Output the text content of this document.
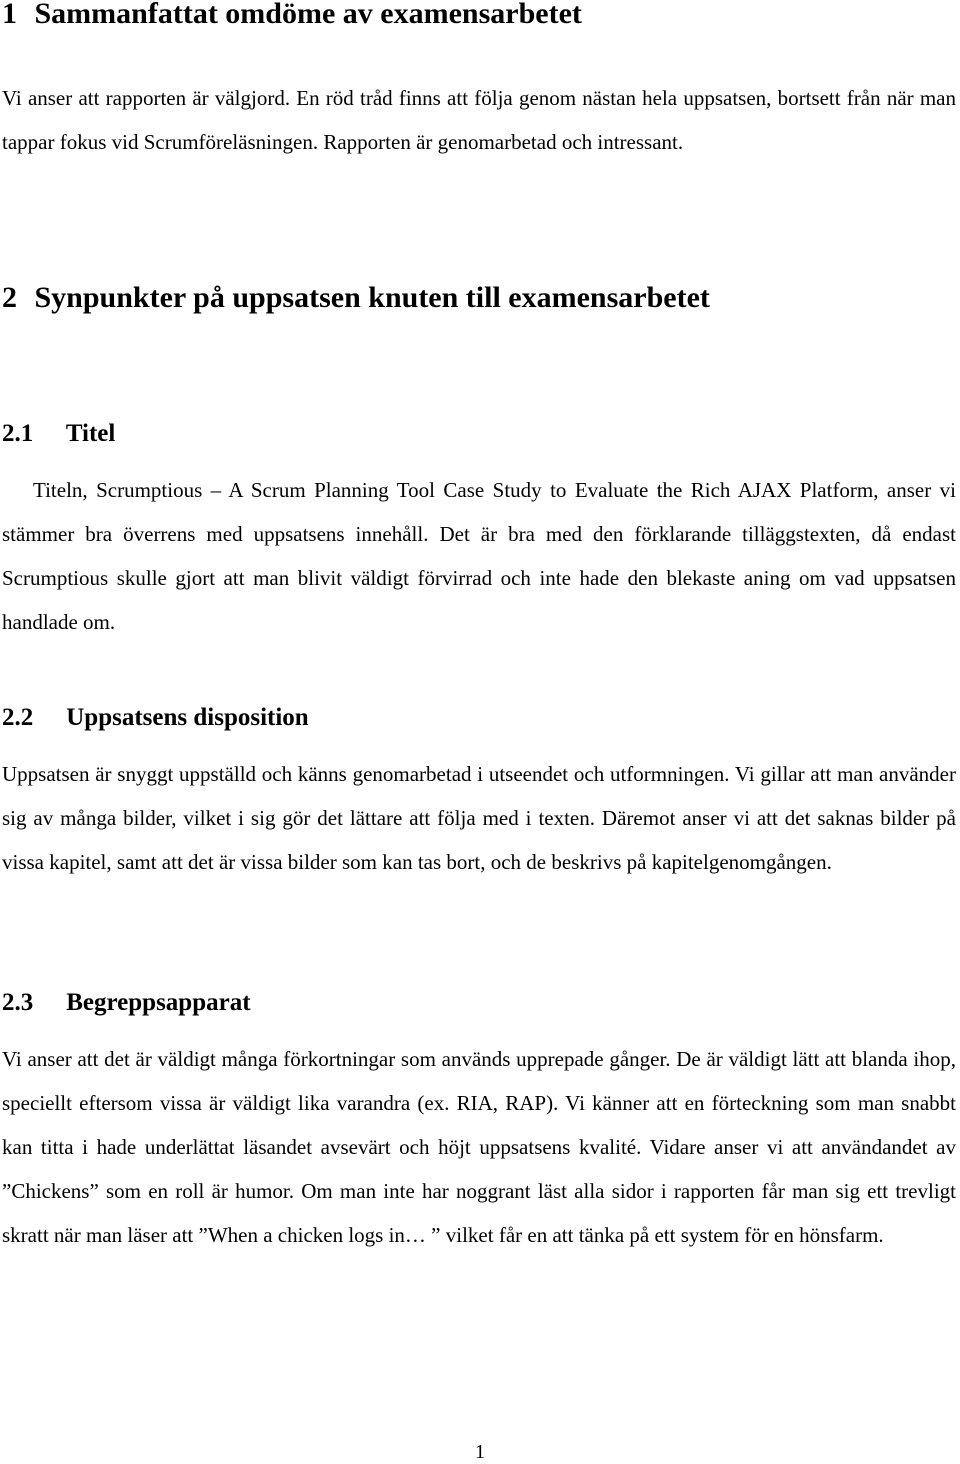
1 Sammanfattat omdöme av examensarbetet

Vi anser att rapporten är välgjord. En röd tråd finns att följa genom nästan hela uppsatsen, bortsett från när man tappar fokus vid Scrumföreläsningen. Rapporten är genomarbetad och intressant.

2 Synpunkter på uppsatsen knuten till examensarbetet
2.1 Titel

Titeln, Scrumptious – A Scrum Planning Tool Case Study to Evaluate the Rich AJAX Platform, anser vi stämmer bra överrens med uppsatsens innehåll. Det är bra med den förklarande tilläggstexten, då endast Scrumptious skulle gjort att man blivit väldigt förvirrad och inte hade den blekaste aning om vad uppsatsen handlade om.

2.2 Uppsatsens disposition

Uppsatsen är snyggt uppställd och känns genomarbetad i utseendet och utformningen. Vi gillar att man använder sig av många bilder, vilket i sig gör det lättare att följa med i texten. Däremot anser vi att det saknas bilder på vissa kapitel, samt att det är vissa bilder som kan tas bort, och de beskrivs på kapitelgenomgången.

2.3 Begreppsapparat

Vi anser att det är väldigt många förkortningar som används upprepade gånger. De är väldigt lätt att blanda ihop, speciellt eftersom vissa är väldigt lika varandra (ex. RIA, RAP). Vi känner att en förteckning som man snabbt kan titta i hade underlättat läsandet avsevärt och höjt uppsatsens kvalité. Vidare anser vi att användandet av ”Chickens” som en roll är humor. Om man inte har noggrant läst alla sidor i rapporten får man sig ett trevligt skratt när man läser att ”When a chicken logs in… ” vilket får en att tänka på ett system för en hönsfarm.

1
